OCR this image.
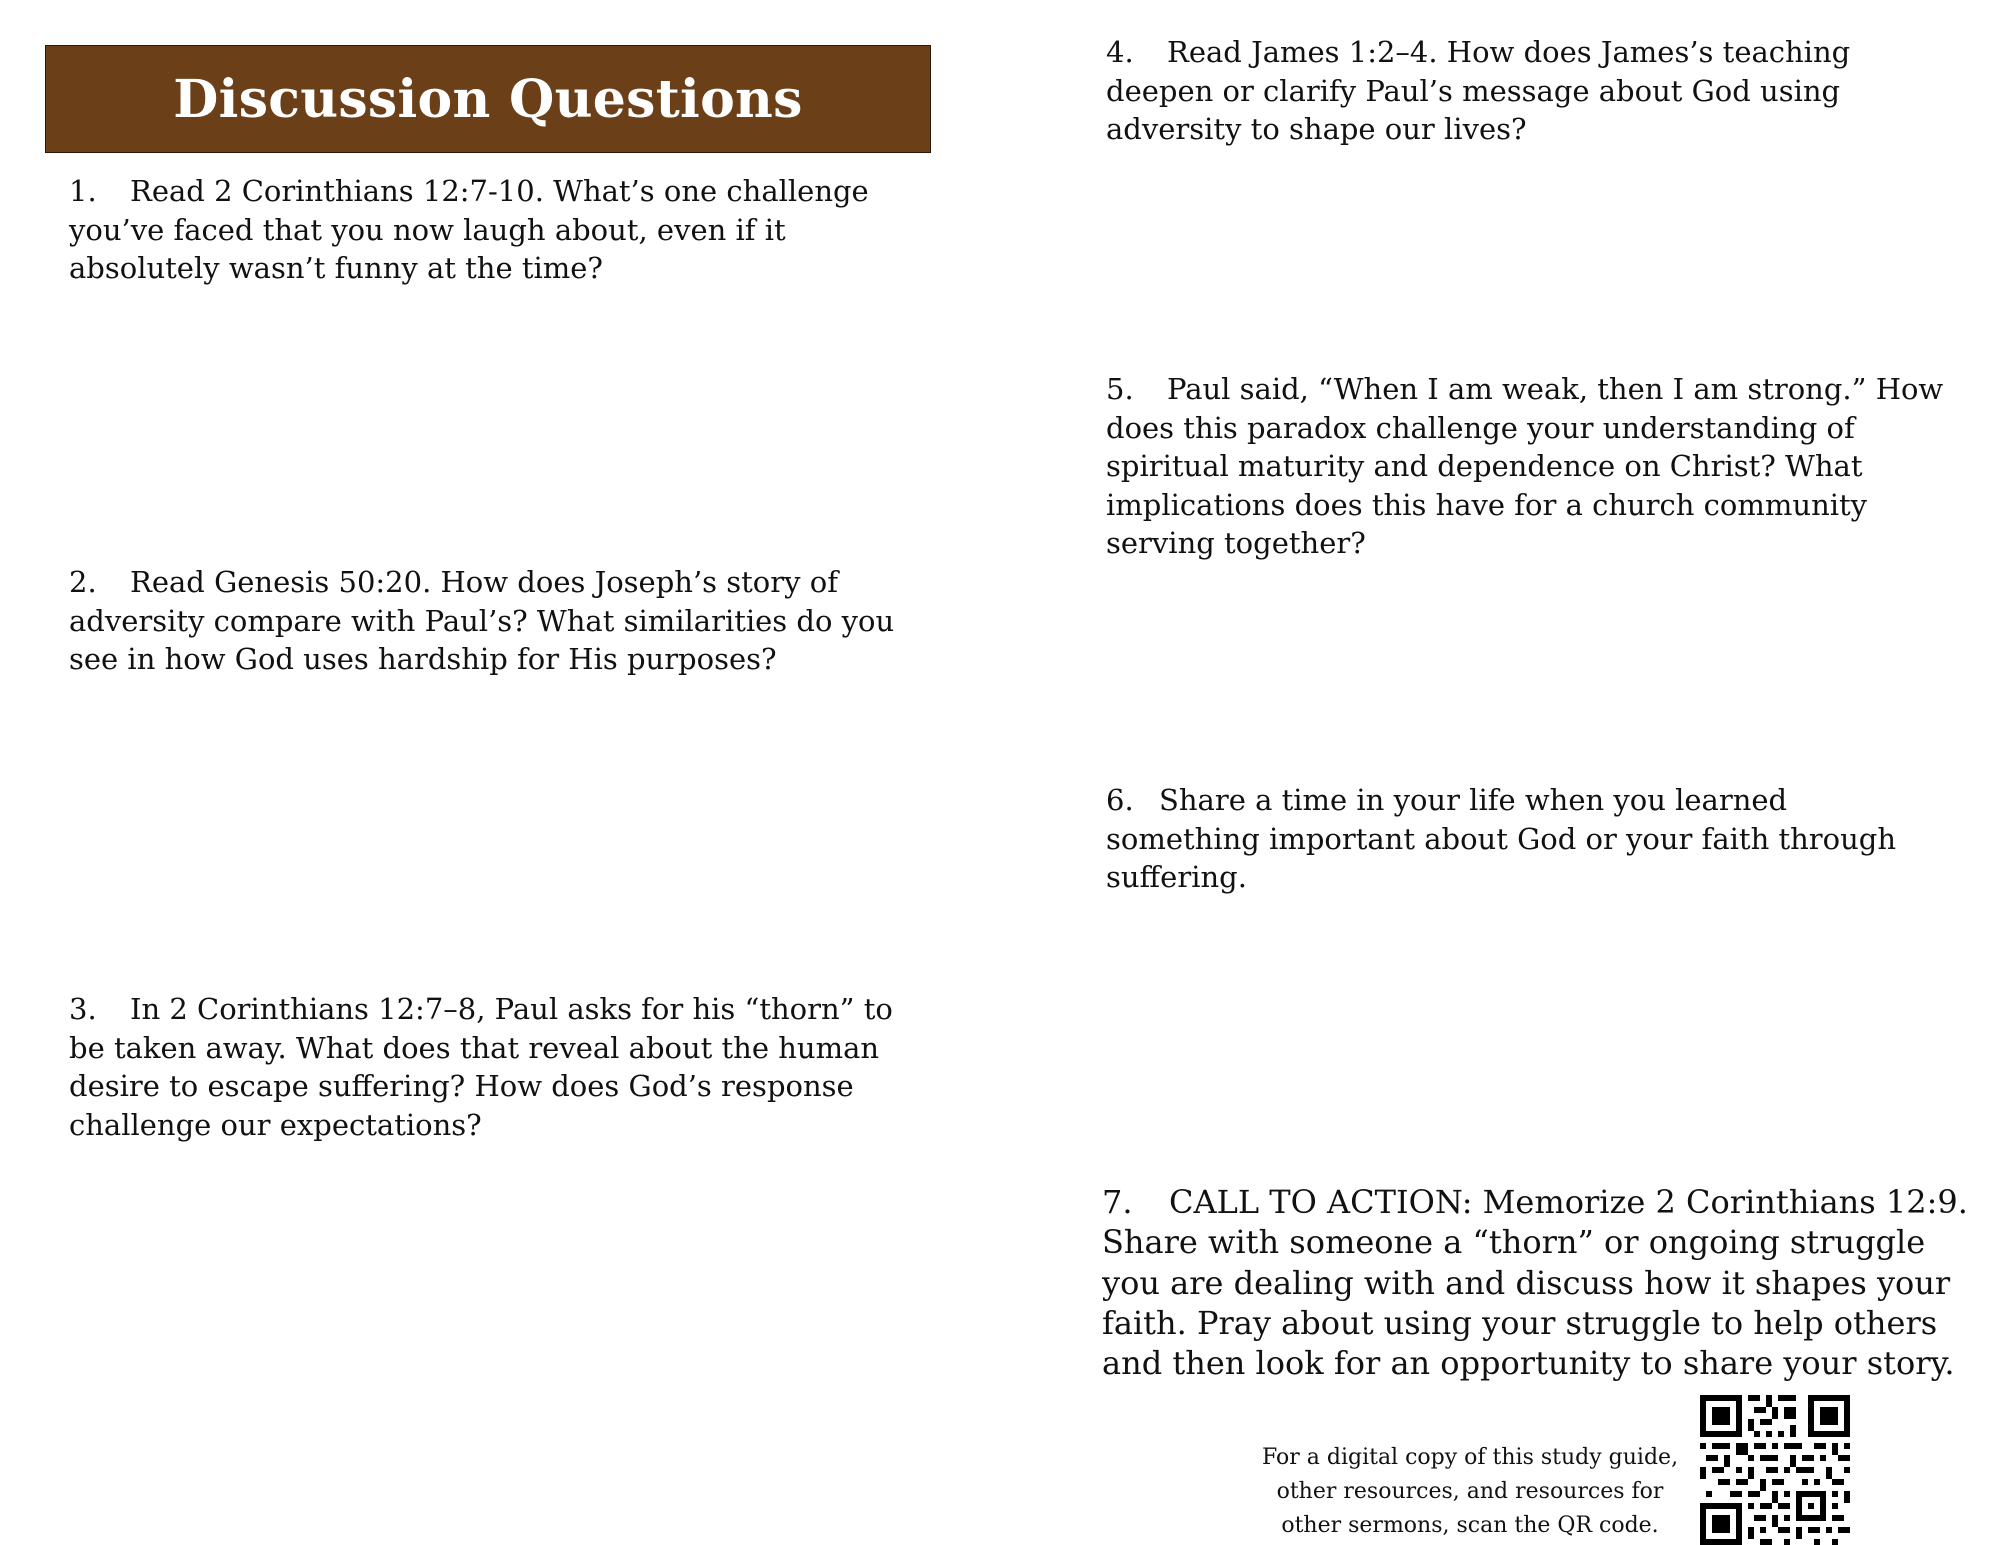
Discussion Questions

1. Read 2 Corinthians 12:7-10. What’s one challenge you’ve faced that you now laugh about, even if it absolutely wasn’t funny at the time?

2. Read Genesis 50:20. How does Joseph’s story of adversity compare with Paul’s? What similarities do you see in how God uses hardship for His purposes?

3. In 2 Corinthians 12:7–8, Paul asks for his “thorn” to be taken away. What does that reveal about the human desire to escape suffering? How does God’s response challenge our expectations?

4. Read James 1:2–4. How does James’s teaching deepen or clarify Paul’s message about God using adversity to shape our lives?

5. Paul said, “When I am weak, then I am strong.” How does this paradox challenge your understanding of spiritual maturity and dependence on Christ? What implications does this have for a church community serving together?

6. Share a time in your life when you learned something important about God or your faith through suffering.

7. CALL TO ACTION: Memorize 2 Corinthians 12:9. Share with someone a “thorn” or ongoing struggle you are dealing with and discuss how it shapes your faith. Pray about using your struggle to help others and then look for an opportunity to share your story.

For a digital copy of this study guide,
other resources, and resources for
other sermons, scan the QR code.
